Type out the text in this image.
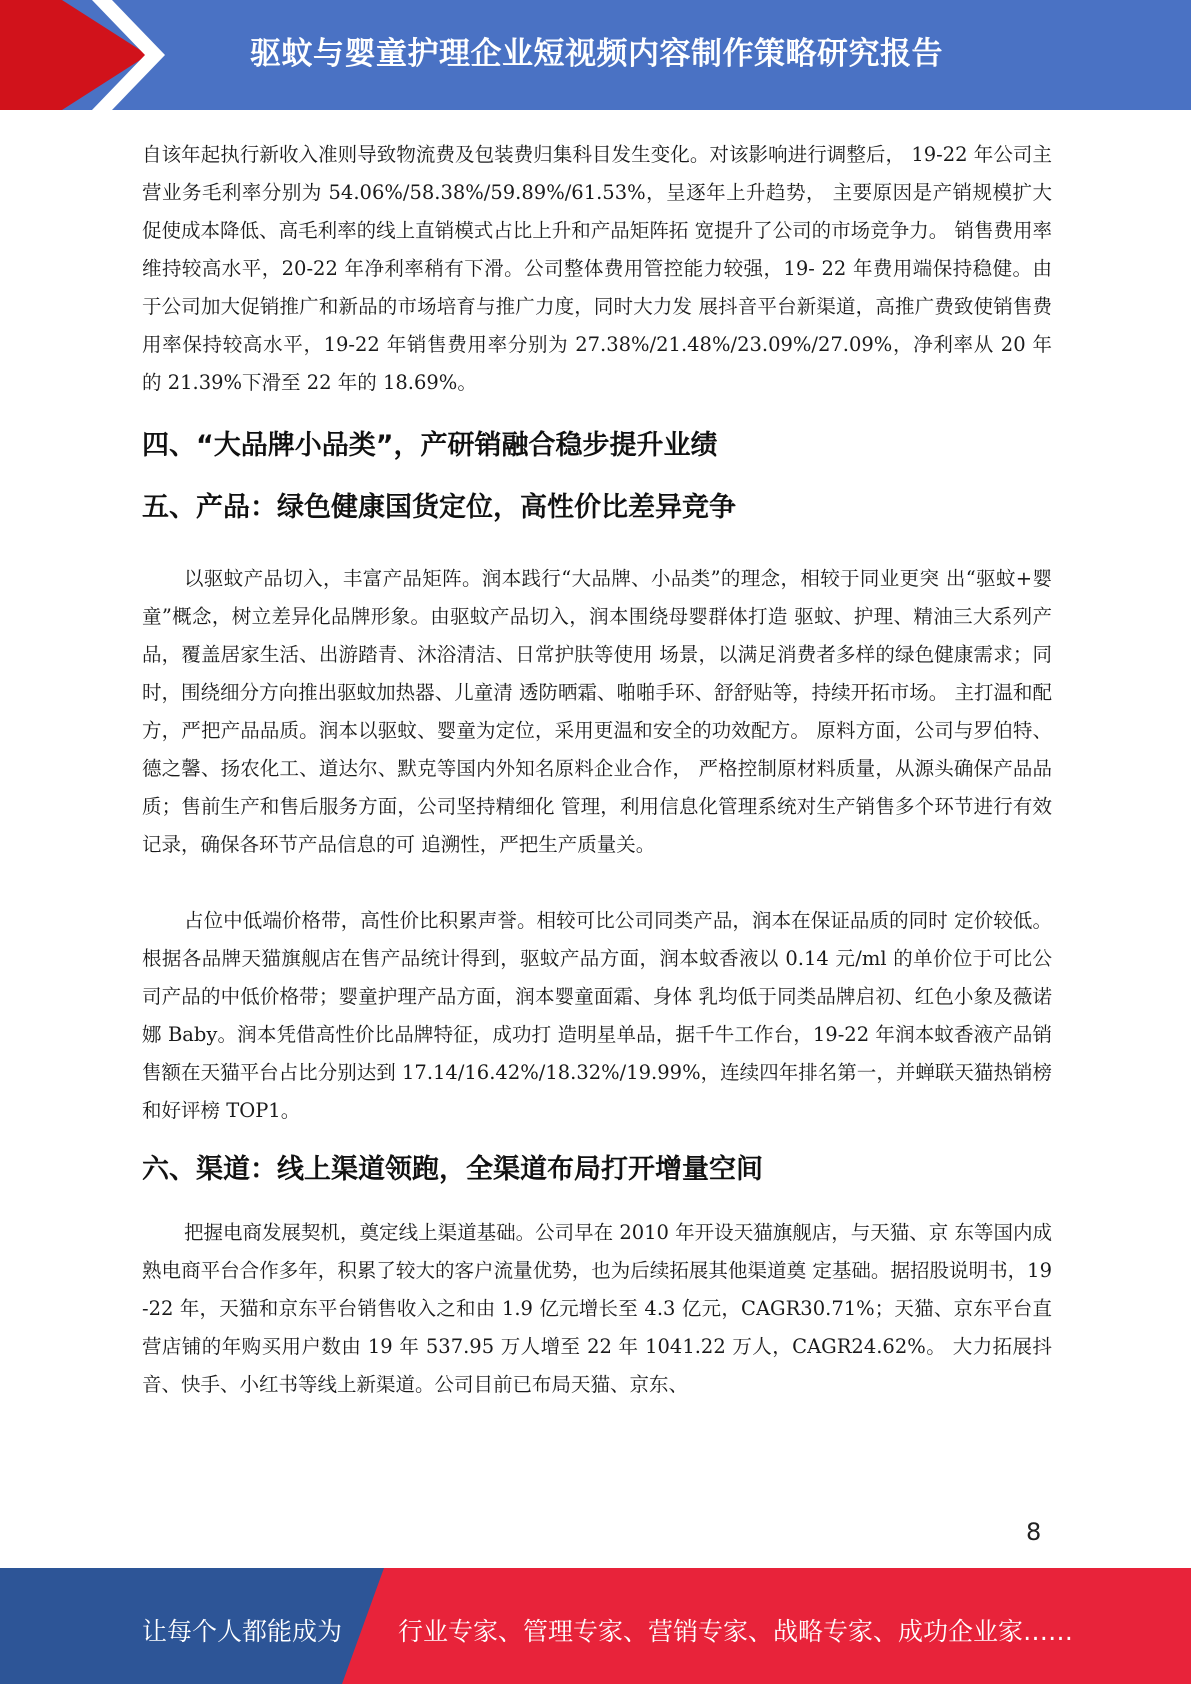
驱蚊与婴童护理企业短视频内容制作策略研究报告

自该年起执行新收入准则导致物流费及包装费归集科目发生变化。对该影响进行调整后， 19-22 年公司主营业务毛利率分别为 54.06%/58.38%/59.89%/61.53%，呈逐年上升趋势， 主要原因是产销规模扩大促使成本降低、高毛利率的线上直销模式占比上升和产品矩阵拓 宽提升了公司的市场竞争力。 销售费用率维持较高水平，20-22 年净利率稍有下滑。公司整体费用管控能力较强，19- 22 年费用端保持稳健。由于公司加大促销推广和新品的市场培育与推广力度，同时大力发 展抖音平台新渠道，高推广费致使销售费用率保持较高水平，19-22 年销售费用率分别为 27.38%/21.48%/23.09%/27.09%，净利率从 20 年的 21.39%下滑至 22 年的 18.69%。

四、“大品牌小品类”，产研销融合稳步提升业绩
五、产品：绿色健康国货定位，高性价比差异竞争

以驱蚊产品切入，丰富产品矩阵。润本践行“大品牌、小品类”的理念，相较于同业更突 出“驱蚊+婴童”概念，树立差异化品牌形象。由驱蚊产品切入，润本围绕母婴群体打造 驱蚊、护理、精油三大系列产品，覆盖居家生活、出游踏青、沐浴清洁、日常护肤等使用 场景，以满足消费者多样的绿色健康需求；同时，围绕细分方向推出驱蚊加热器、儿童清 透防晒霜、啪啪手环、舒舒贴等，持续开拓市场。 主打温和配方，严把产品品质。润本以驱蚊、婴童为定位，采用更温和安全的功效配方。 原料方面，公司与罗伯特、德之馨、扬农化工、道达尔、默克等国内外知名原料企业合作， 严格控制原材料质量，从源头确保产品品质；售前生产和售后服务方面，公司坚持精细化 管理，利用信息化管理系统对生产销售多个环节进行有效记录，确保各环节产品信息的可 追溯性，严把生产质量关。

占位中低端价格带，高性价比积累声誉。相较可比公司同类产品，润本在保证品质的同时 定价较低。根据各品牌天猫旗舰店在售产品统计得到，驱蚊产品方面，润本蚊香液以 0.14 元/ml 的单价位于可比公司产品的中低价格带；婴童护理产品方面，润本婴童面霜、身体 乳均低于同类品牌启初、红色小象及薇诺娜 Baby。润本凭借高性价比品牌特征，成功打 造明星单品，据千牛工作台，19-22 年润本蚊香液产品销售额在天猫平台占比分别达到 17.14/16.42%/18.32%/19.99%，连续四年排名第一，并蝉联天猫热销榜和好评榜 TOP1。

六、渠道：线上渠道领跑，全渠道布局打开增量空间

把握电商发展契机，奠定线上渠道基础。公司早在 2010 年开设天猫旗舰店，与天猫、京 东等国内成熟电商平台合作多年，积累了较大的客户流量优势，也为后续拓展其他渠道奠 定基础。据招股说明书，19-22 年，天猫和京东平台销售收入之和由 1.9 亿元增长至 4.3 亿元，CAGR30.71%；天猫、京东平台直营店铺的年购买用户数由 19 年 537.95 万人增至 22 年 1041.22 万人，CAGR24.62%。 大力拓展抖音、快手、小红书等线上新渠道。公司目前已布局天猫、京东、

8
让每个人都能成为 行业专家、管理专家、营销专家、战略专家、成功企业家……
